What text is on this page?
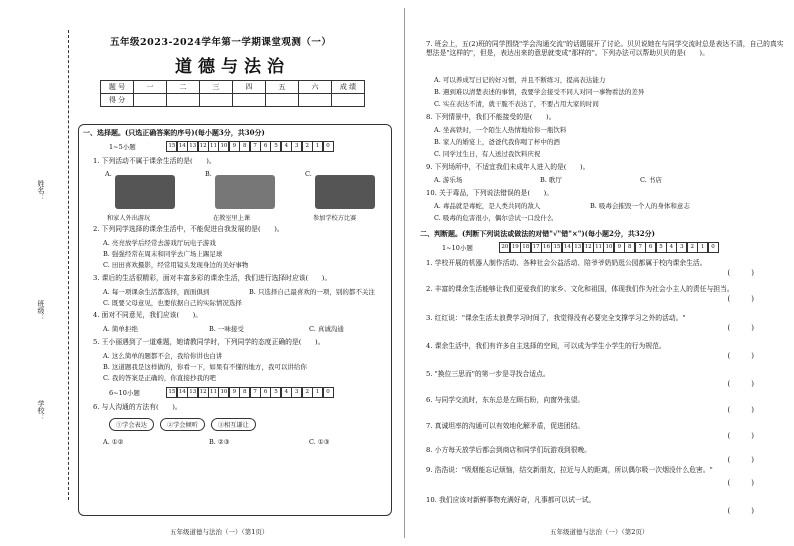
姓名：
班级：
学校：
五年级2023-2024学年第一学期课堂观测（一）
道德与法治
题 号	一	二	三	四	五	六	成 绩
得 分							
一、选择题。(只选正确答案的序号)(每小题3分，共30分)
1~5小题	15 14 13 12 11 10 9	8	7	6	5	4	3	2	1	0
1. 下列活动不属于课余生活的是(　　)。
A.	B.	C.
和家人外出游玩	在教室里上课	参加学校方比赛
2. 下列同学选择的课余生活中，不能促进自我发展的是(　　)。
A. 亮亮放学后经常去游戏厅玩电子游戏
B. 强强经常在周末和同学去广场上踢足球
C. 田田喜欢摄影，经常用镜头发现身边的美好事物
3. 课后的生活很精彩，面对丰富多彩的课余生活，我们进行选择时应该(　　)。
A. 每一项课余生活都选择，面面俱到	B. 只选择自己最喜欢的一项，别的都不关注
C. 既要父母意见，也要依据自己的实际情况选择
4. 面对不同意见，我们应该(　　)。
A. 简单拒绝	B. 一味接受	C. 真诚沟通
5. 王小丽遇到了一道难题，她请教同学时，下列同学的态度正确的是(　　)。
A. 这么简单的题都不会，我给你讲也白讲
B. 这道题我是这样做的，你看一下，如果有不懂的地方，我可以讲给你
C. 我的答案是正确的，你直接抄我的吧
6~10小题	15 14 13 12 11 10 9	8	7	6	5	4	3	2	1	0
6. 与人沟通的方法有(　　)。
①学会表达	②学会倾听	③相互谦让
A. ①②	B. ②③	C. ①③
五年级道德与法治（一）（第1页）
7. 班会上，五(2)班的同学围绕"学会沟通交流"的话题展开了讨论。贝贝说她在与同学交流时总是表达不清，自己的真实想法是"这样的"，但是，表达出来的意思就变成"那样的"。下列办法可以帮助贝贝的是(　　)。
A. 可以养成写日记的好习惯，并且不断练习，提高表达能力
B. 遇到难以清楚表述的事情，我要学会接受不同人对同一事物看法的差异
C. 实在表达不清，就干脆不表达了，不要占用大家的时间
8. 下列情景中，我们不能接受的是(　　)。
A. 坐高铁时，一个陌生人热情地给你一瓶饮料
B. 家人的婚宴上，爸爸代我你喝了杯中的酒
C. 同学过生日，有人送过我饮料庆祝
9. 下列场所中，不适宜我们未成年人进入的是(　　)。
A. 游乐场	B. 歌厅	C. 书店
10. 关于毒品，下列说法错误的是(　　)。
A. 毒品就是毒蛇，是人类共同的敌人	B. 吸毒会摧毁一个人的身体和意志
C. 吸毒的危害很小，偶尔尝试一口没什么
二、判断题。(判断下列说法或做法的对错"√"错"×")(每小题2分，共32分)
1~10小题	20 19 18 17 16 15 14 13 12 11 10 9	8	7	6	5	4	3	2	1	0
1. 学校开展的机器人制作活动、各种社会公益活动、陪爷爷奶奶逛公园都属于校内课余生活。
(　　　)
2. 丰富的课余生活能够让我们更爱我们的家乡、文化和祖国，体现我们作为社会小主人的责任与担当。
(　　　)
3. 红红说："课余生活太浪费学习时间了，我觉得没有必要完全支撑学习之外的活动。"
(　　　)
4. 课余生活中，我们有许多自主选择的空间，可以成为学生小学生的行为规范。
(　　　)
5. "换位三思而"的第一步是寻找合适点。
(　　　)
6. 与同学交流时，东东总是左顾右盼，向窗外张望。
(　　　)
7. 真诚坦率的沟通可以有效地化解矛盾，促进团结。
(　　　)
8. 小方每天放学后都会到商店和同学们玩游戏到很晚。
(　　　)
9. 浩浩说："吸烟能忘记烦恼，结交新朋友，拉近与人的距离，所以偶尔吸一次烟没什么危害。"
(　　　)
10. 我们应该对新鲜事物充满好奇，凡事都可以试一试。
(　　　)
五年级道德与法治（一）（第2页）
